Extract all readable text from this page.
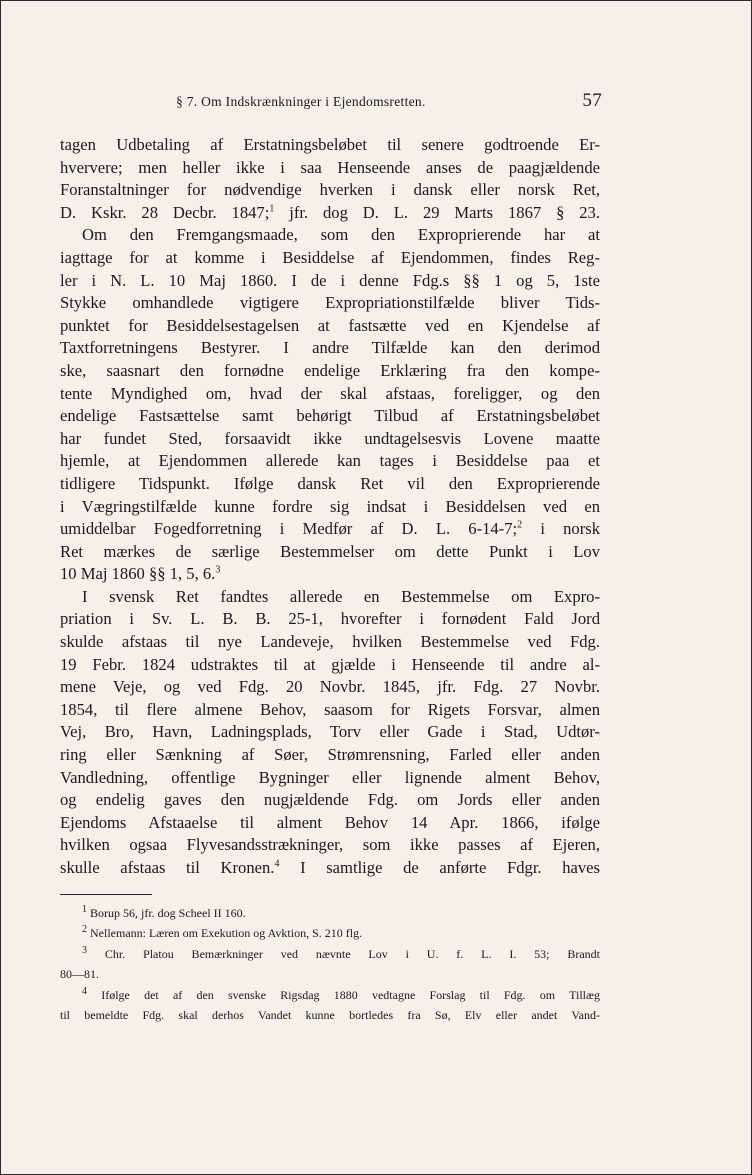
§ 7. Om Indskrænkninger i Ejendomsretten.	57
tagen Udbetaling af Erstatningsbeløbet til senere godtroende Er-
hververe; men heller ikke i saa Henseende anses de paagjældende
Foranstaltninger for nødvendige hverken i dansk eller norsk Ret,
D. Kskr. 28 Decbr. 1847;$^1$ jfr. dog D. L. 29 Marts 1867 § 23.
Om den Fremgangsmaade, som den Exproprierende har at
iagttage for at komme i Besiddelse af Ejendommen, findes Reg-
ler i N. L. 10 Maj 1860. I de i denne Fdg.s §§ 1 og 5, 1ste
Stykke omhandlede vigtigere Expropriationstilfælde bliver Tids-
punktet for Besiddelsestagelsen at fastsætte ved en Kjendelse af
Taxtforretningens Bestyrer. I andre Tilfælde kan den derimod
ske, saasnart den fornødne endelige Erklæring fra den kompe-
tente Myndighed om, hvad der skal afstaas, foreligger, og den
endelige Fastsættelse samt behørigt Tilbud af Erstatningsbeløbet
har fundet Sted, forsaavidt ikke undtagelsesvis Lovene maatte
hjemle, at Ejendommen allerede kan tages i Besiddelse paa et
tidligere Tidspunkt. Ifølge dansk Ret vil den Exproprierende
i Vægringstilfælde kunne fordre sig indsat i Besiddelsen ved en
umiddelbar Fogedforretning i Medfør af D. L. 6-14-7;$^2$ i norsk
Ret mærkes de særlige Bestemmelser om dette Punkt i Lov
10 Maj 1860 §§ 1, 5, 6.$^3$
I svensk Ret fandtes allerede en Bestemmelse om Expro-
priation i Sv. L. B. B. 25-1, hvorefter i fornødent Fald Jord
skulde afstaas til nye Landeveje, hvilken Bestemmelse ved Fdg.
19 Febr. 1824 udstraktes til at gjælde i Henseende til andre al-
mene Veje, og ved Fdg. 20 Novbr. 1845, jfr. Fdg. 27 Novbr.
1854, til flere almene Behov, saasom for Rigets Forsvar, almen
Vej, Bro, Havn, Ladningsplads, Torv eller Gade i Stad, Udtør-
ring eller Sænkning af Søer, Strømrensning, Farled eller anden
Vandledning, offentlige Bygninger eller lignende alment Behov,
og endelig gaves den nugjældende Fdg. om Jords eller anden
Ejendoms Afstaaelse til alment Behov 14 Apr. 1866, ifølge
hvilken ogsaa Flyvesandsstrækninger, som ikke passes af Ejeren,
skulle afstaas til Kronen.$^4$ I samtlige de anførte Fdgr. haves
$^1$ Borup 56, jfr. dog Scheel II 160.
$^2$ Nellemann: Læren om Exekution og Avktion, S. 210 flg.
$^3$ Chr. Platou Bemærkninger ved nævnte Lov i U. f. L. I. 53; Brandt
80—81.
$^4$ Ifølge det af den svenske Rigsdag 1880 vedtagne Forslag til Fdg. om Tillæg
til bemeldte Fdg. skal derhos Vandet kunne bortledes fra Sø, Elv eller andet Vand-
